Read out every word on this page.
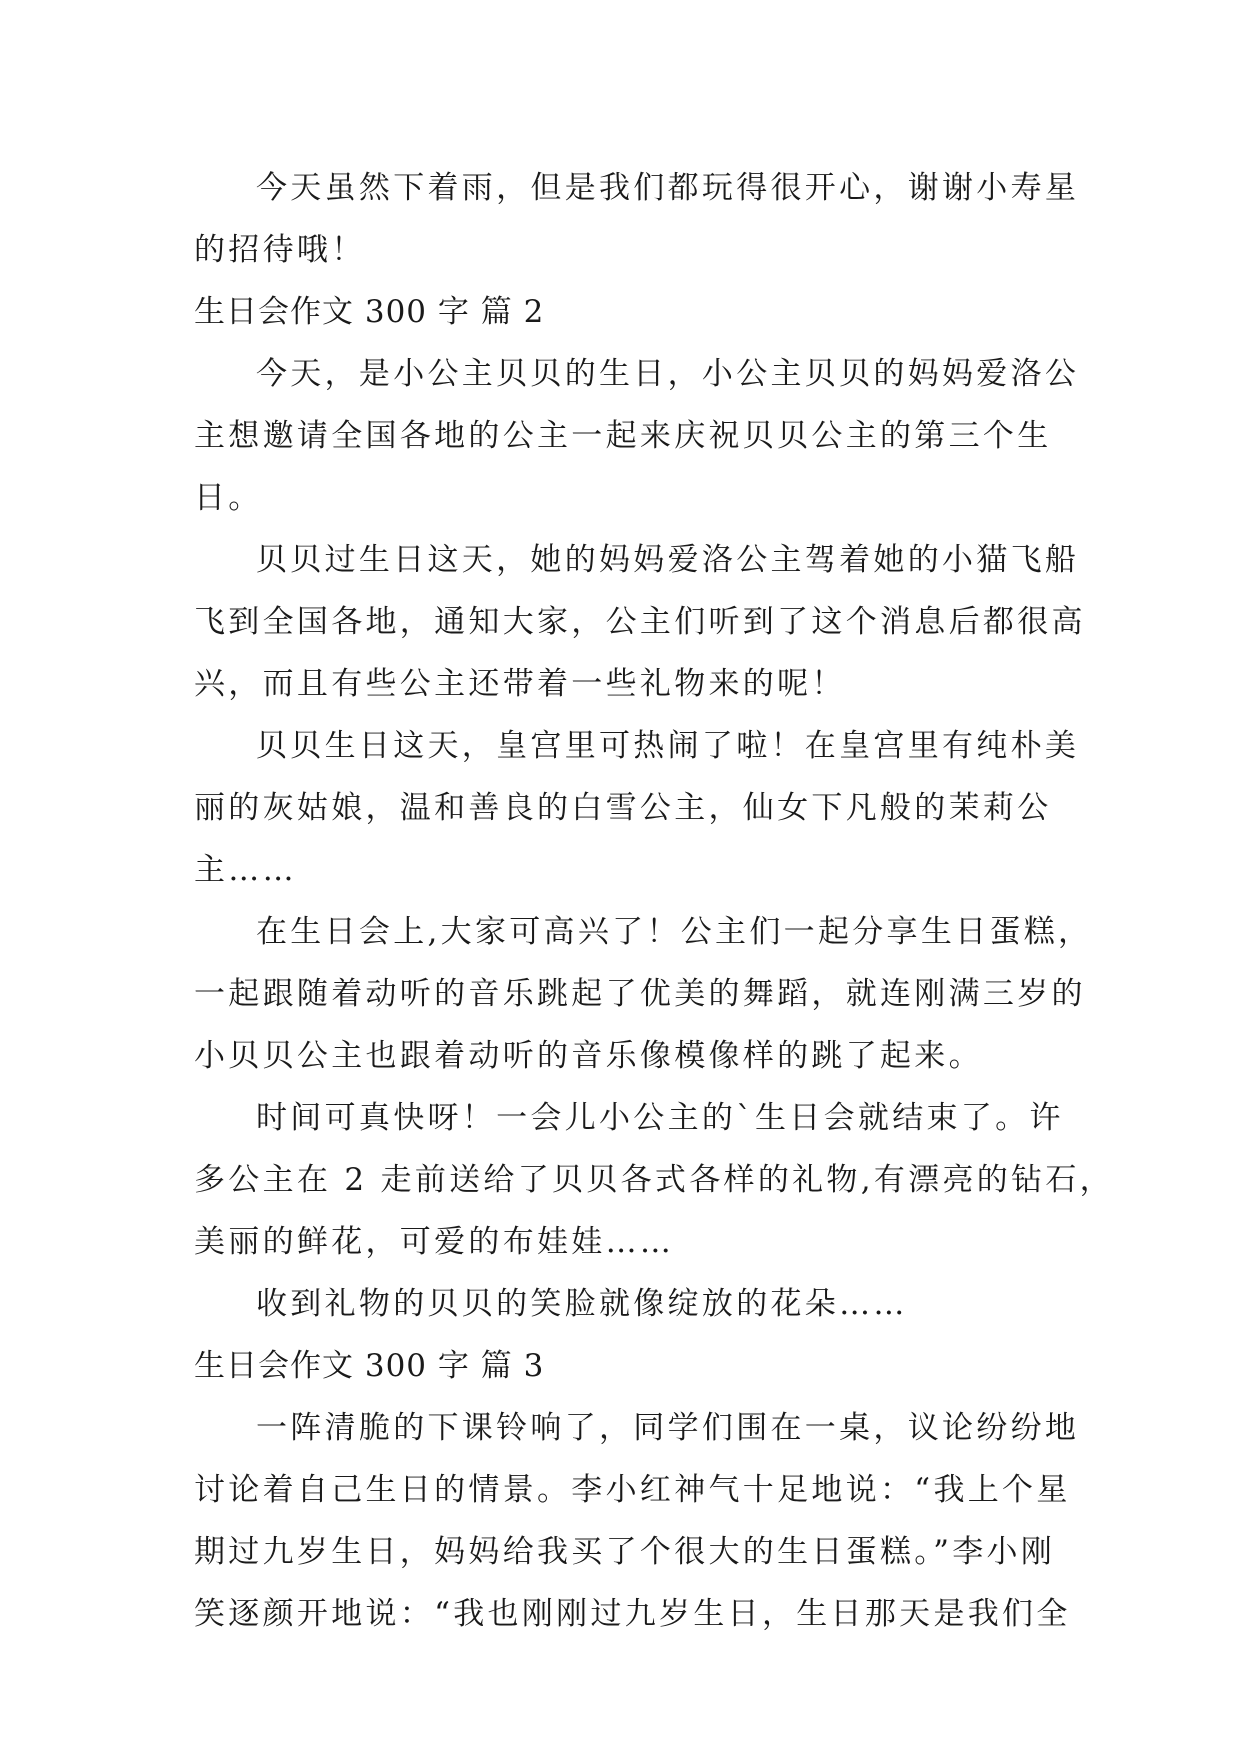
今天虽然下着雨，但是我们都玩得很开心，谢谢小寿星
的招待哦！
生日会作文 300 字 篇 2
今天，是小公主贝贝的生日，小公主贝贝的妈妈爱洛公
主想邀请全国各地的公主一起来庆祝贝贝公主的第三个生
日。
贝贝过生日这天，她的妈妈爱洛公主驾着她的小猫飞船
飞到全国各地，通知大家，公主们听到了这个消息后都很高
兴，而且有些公主还带着一些礼物来的呢！
贝贝生日这天，皇宫里可热闹了啦！在皇宫里有纯朴美
丽的灰姑娘，温和善良的白雪公主，仙女下凡般的茉莉公
主……
在生日会上,大家可高兴了！公主们一起分享生日蛋糕，
一起跟随着动听的音乐跳起了优美的舞蹈，就连刚满三岁的
小贝贝公主也跟着动听的音乐像模像样的跳了起来。
时间可真快呀！一会儿小公主的`生日会就结束了。许
多公主在 2 走前送给了贝贝各式各样的礼物,有漂亮的钻石，
美丽的鲜花，可爱的布娃娃……
收到礼物的贝贝的笑脸就像绽放的花朵……
生日会作文 300 字 篇 3
一阵清脆的下课铃响了，同学们围在一桌，议论纷纷地
讨论着自己生日的情景。李小红神气十足地说：“我上个星
期过九岁生日，妈妈给我买了个很大的生日蛋糕。”李小刚
笑逐颜开地说：“我也刚刚过九岁生日，生日那天是我们全
